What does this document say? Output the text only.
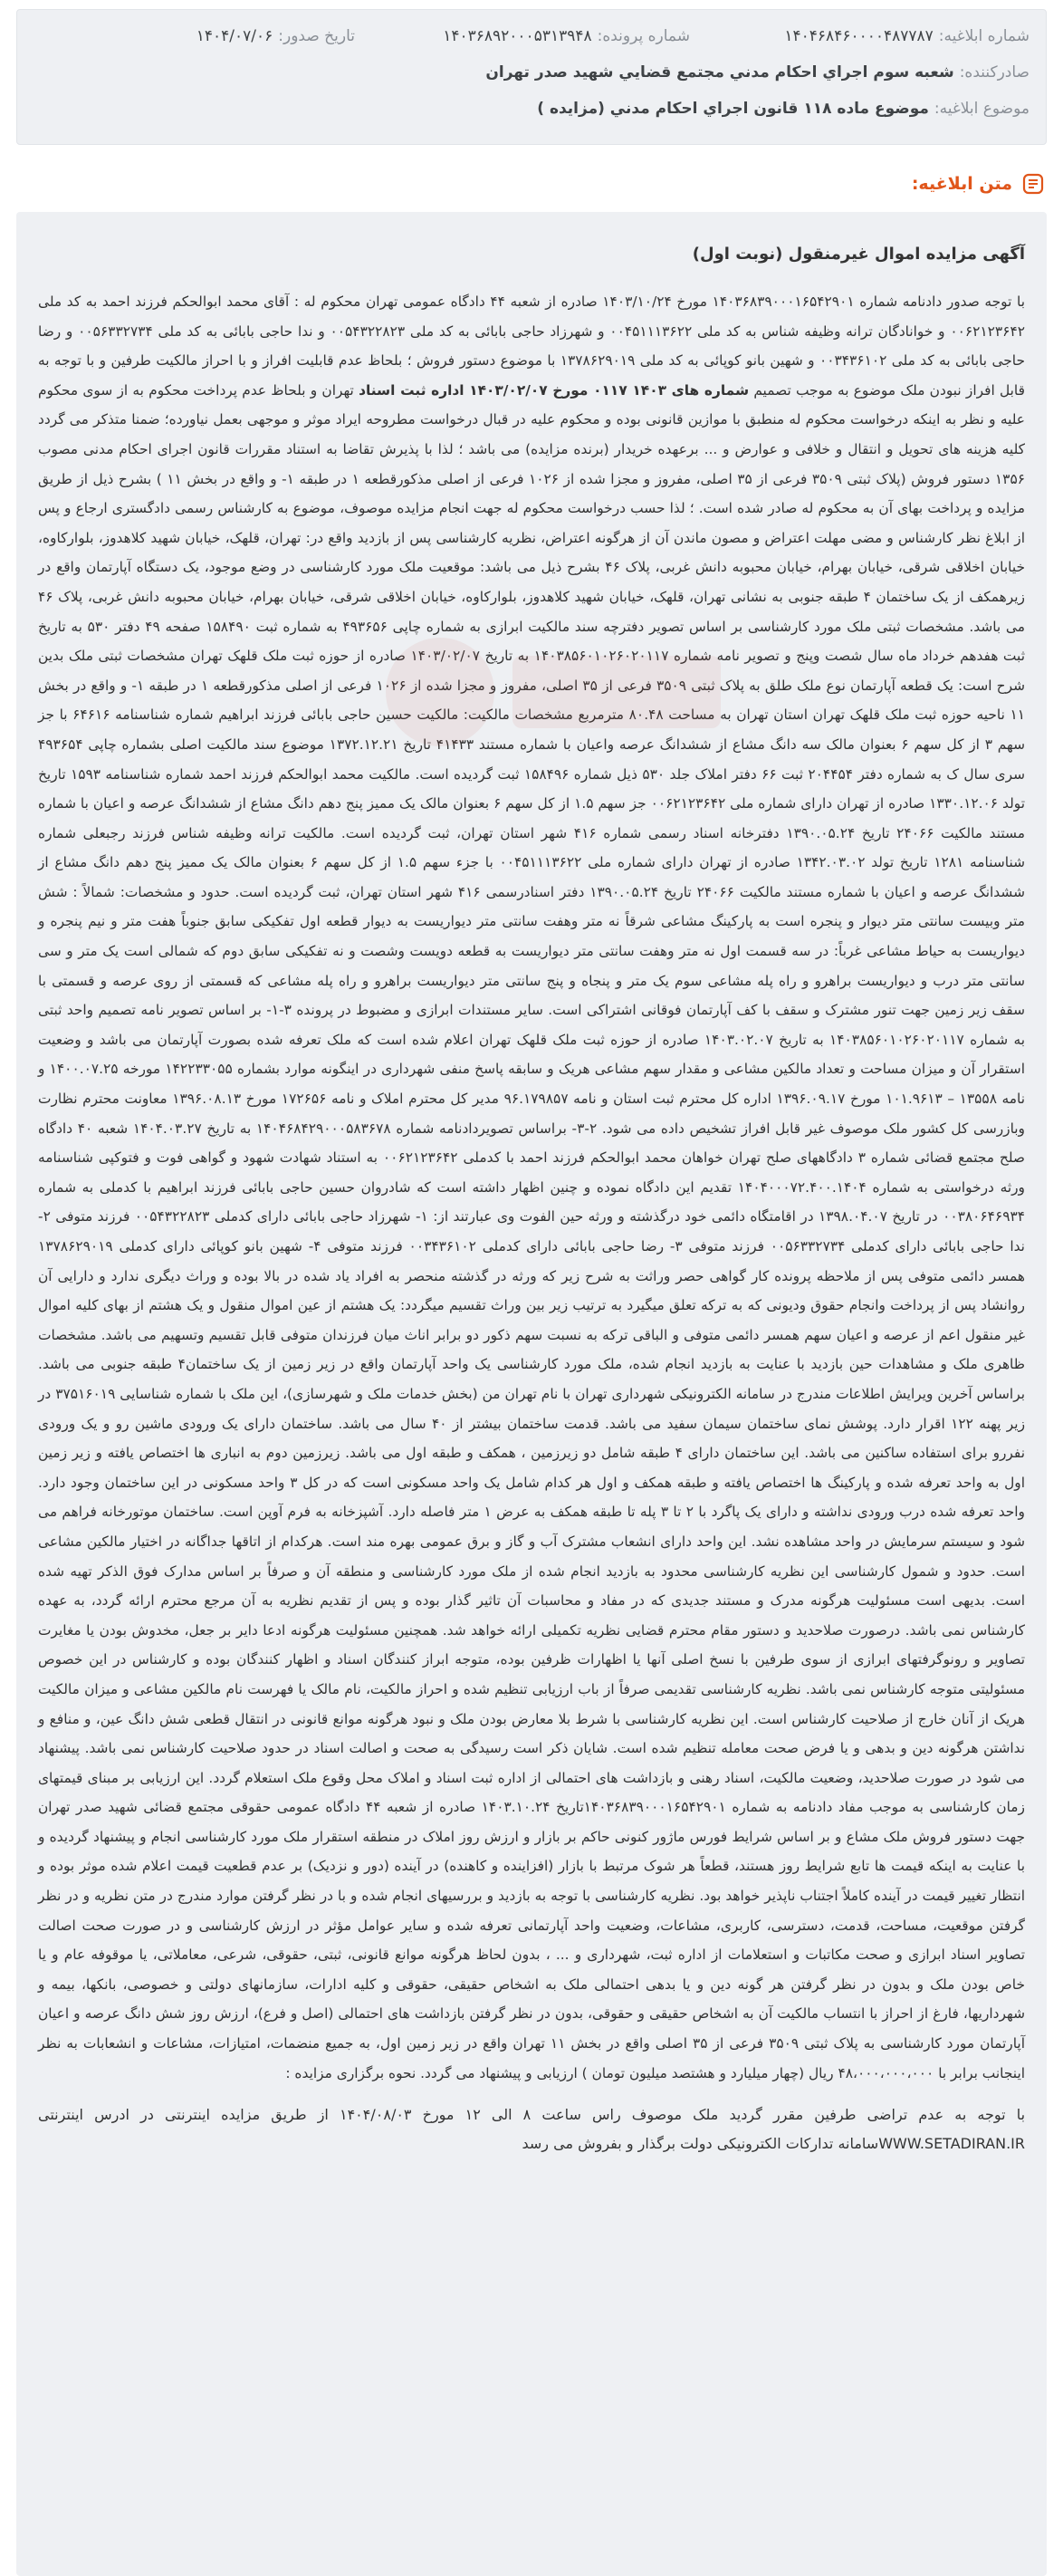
شماره ابلاغیه:
۱۴۰۴۶۸۴۶۰۰۰۰۴۸۷۷۸۷
شماره پرونده:
۱۴۰۳۶۸۹۲۰۰۰۵۳۱۳۹۴۸
تاریخ صدور:
۱۴۰۴/۰۷/۰۶
صادرکننده:
شعبه سوم اجراي احكام مدني مجتمع قضايي شهيد صدر تهران
موضوع ابلاغیه:
موضوع ماده ۱۱۸ قانون اجراي احكام مدني (مزايده )
متن ابلاغیه:
آگهی مزایده اموال غیرمنقول (نوبت اول)

با توجه صدور دادنامه شماره ۱۴۰۳۶۸۳۹۰۰۰۱۶۵۴۲۹۰۱ مورخ ۱۴۰۳/۱۰/۲۴ صادره از شعبه ۴۴ دادگاه عمومی تهران محکوم له : آقای محمد ابوالحکم فرزند احمد به کد ملی ۰۰۶۲۱۲۳۶۴۲ و خوانادگان ترانه وظیفه شناس به کد ملی ۰۰۴۵۱۱۱۳۶۲۲ و شهرزاد حاجی بابائی به کد ملی ۰۰۵۴۳۲۲۸۲۳ و ندا حاجی بابائی به کد ملی ۰۰۵۶۳۳۲۷۳۴ و رضا حاجی بابائی به کد ملی ۰۰۳۴۳۶۱۰۲ و شهین بانو کوپائی به کد ملی ۱۳۷۸۶۲۹۰۱۹ با موضوع دستور فروش ؛ بلحاظ عدم قابلیت افراز و با احراز مالکیت طرفین و با توجه به قابل افراز نبودن ملک موضوع به موجب تصمیم شماره های ۱۴۰۳ ۰۱۱۷ مورخ ۱۴۰۳/۰۲/۰۷ اداره ثبت اسناد تهران و بلحاظ عدم پرداخت محکوم به از سوی محکوم علیه و نظر به اینکه درخواست محکوم له منطبق با موازین قانونی بوده و محکوم علیه در قبال درخواست مطروحه ایراد موثر و موجهی بعمل نیاورده؛ ضمنا متذکر می گردد کلیه هزینه های تحویل و انتقال و خلافی و عوارض و ... برعهده خریدار (برنده مزایده) می باشد ؛ لذا با پذیرش تقاضا به استناد مقررات قانون اجرای احکام مدنی مصوب ۱۳۵۶ دستور فروش (پلاک ثبتی ۳۵۰۹ فرعی از ۳۵ اصلی، مفروز و مجزا شده از ۱۰۲۶ فرعی از اصلی مذکورقطعه ۱ در طبقه ۱- و واقع در بخش ۱۱ ) بشرح ذیل از طریق مزایده و پرداخت بهای آن به محکوم له صادر شده است. ؛ لذا حسب درخواست محکوم له جهت انجام مزایده موصوف، موضوع به کارشناس رسمی دادگستری ارجاع و پس از ابلاغ نظر کارشناس و مضی مهلت اعتراض و مصون ماندن آن از هرگونه اعتراض، نظریه کارشناسی پس از بازدید واقع در: تهران، قلهک، خیابان شهید کلاهدوز، بلوارکاوه، خیابان اخلاقی شرقی، خیابان بهرام، خیابان محبوبه دانش غربی، پلاک ۴۶ بشرح ذیل می باشد: موقعیت ملک مورد کارشناسی در وضع موجود، یک دستگاه آپارتمان واقع در زیرهمکف از یک ساختمان ۴ طبقه جنوبی به نشانی تهران، قلهک، خیابان شهید کلاهدوز، بلوارکاوه، خیابان اخلاقی شرقی، خیابان بهرام، خیابان محبوبه دانش غربی، پلاک ۴۶ می باشد. مشخصات ثبتی ملک مورد کارشناسی بر اساس تصویر دفترچه سند مالکیت ابرازی به شماره چاپی ۴۹۳۶۵۶ به شماره ثبت ۱۵۸۴۹۰ صفحه ۴۹ دفتر ۵۳۰ به تاریخ ثبت هفدهم خرداد ماه سال شصت وپنج و تصویر نامه شماره ۱۴۰۳۸۵۶۰۱۰۲۶۰۲۰۱۱۷ به تاریخ ۱۴۰۳/۰۲/۰۷ صادره از حوزه ثبت ملک قلهک تهران مشخصات ثبتی ملک بدین شرح است: یک قطعه آپارتمان نوع ملک طلق به پلاک ثبتی ۳۵۰۹ فرعی از ۳۵ اصلی، مفروز و مجزا شده از ۱۰۲۶ فرعی از اصلی مذکورقطعه ۱ در طبقه ۱- و واقع در بخش ۱۱ ناحیه حوزه ثبت ملک قلهک تهران استان تهران به مساحت ۸۰.۴۸ مترمربع مشخصات مالکیت: مالکیت حسین حاجی بابائی فرزند ابراهیم شماره شناسنامه ۶۴۶۱۶ با جز سهم ۳ از کل سهم ۶ بعنوان مالک سه دانگ مشاع از ششدانگ عرصه واعیان با شماره مستند ۴۱۴۳۳ تاریخ ۱۳۷۲.۱۲.۲۱ موضوع سند مالکیت اصلی بشماره چاپی ۴۹۳۶۵۴ سری سال ک به شماره دفتر ۲۰۴۴۵۴ ثبت ۶۶ دفتر املاک جلد ۵۳۰ ذیل شماره ۱۵۸۴۹۶ ثبت گردیده است. مالکیت محمد ابوالحکم فرزند احمد شماره شناسنامه ۱۵۹۳ تاریخ تولد ۱۳۳۰.۱۲.۰۶ صادره از تهران دارای شماره ملی ۰۰۶۲۱۲۳۶۴۲ جز سهم ۱.۵ از کل سهم ۶ بعنوان مالک یک ممیز پنج دهم دانگ مشاع از ششدانگ عرصه و اعیان با شماره مستند مالکیت ۲۴۰۶۶ تاریخ ۱۳۹۰.۰۵.۲۴ دفترخانه اسناد رسمی شماره ۴۱۶ شهر استان تهران، ثبت گردیده است. مالکیت ترانه وظیفه شناس فرزند رجبعلی شماره شناسنامه ۱۲۸۱ تاریخ تولد ۱۳۴۲.۰۳.۰۲ صادره از تهران دارای شماره ملی ۰۰۴۵۱۱۱۳۶۲۲ با جزء سهم ۱.۵ از کل سهم ۶ بعنوان مالک یک ممیز پنج دهم دانگ مشاع از ششدانگ عرصه و اعیان با شماره مستند مالکیت ۲۴۰۶۶ تاریخ ۱۳۹۰.۰۵.۲۴ دفتر اسنادرسمی ۴۱۶ شهر استان تهران، ثبت گردیده است. حدود و مشخصات: شمالاً : شش متر وبیست سانتی متر دیوار و پنجره است به پارکینگ مشاعی شرقاً نه متر وهفت سانتی متر دیواریست به دیوار قطعه اول تفکیکی سابق جنوباً هفت متر و نیم پنجره و دیواریست به حیاط مشاعی غرباً: در سه قسمت اول نه متر وهفت سانتی متر دیواریست به قطعه دویست وشصت و نه تفکیکی سابق دوم که شمالی است یک متر و سی سانتی متر درب و دیواریست براهرو و راه پله مشاعی سوم یک متر و پنجاه و پنج سانتی متر دیواریست براهرو و راه پله مشاعی که قسمتی از روی عرصه و قسمتی با سقف زیر زمین جهت تنور مشترک و سقف با کف آپارتمان فوقانی اشتراکی است. سایر مستندات ابرازی و مضبوط در پرونده ۳-۱- بر اساس تصویر نامه تصمیم واحد ثبتی به شماره ۱۴۰۳۸۵۶۰۱۰۲۶۰۲۰۱۱۷ به تاریخ ۱۴۰۳.۰۲.۰۷ صادره از حوزه ثبت ملک قلهک تهران اعلام شده است که ملک تعرفه شده بصورت آپارتمان می باشد و وضعیت استقرار آن و میزان مساحت و تعداد مالکین مشاعی و مقدار سهم مشاعی هریک و سابقه پاسخ منفی شهرداری در اینگونه موارد بشماره ۱۴۲۲۳۳۰۵۵ مورخه ۱۴۰۰.۰۷.۲۵ و نامه ۱۳۵۵۸ – ۱۰۱.۹۶۱۳ مورخ ۱۳۹۶.۰۹.۱۷ اداره کل محترم ثبت استان و نامه ۹۶.۱۷۹۸۵۷ مدیر کل محترم املاک و نامه ۱۷۲۶۵۶ مورخ ۱۳۹۶.۰۸.۱۳ معاونت محترم نظارت وبازرسی کل کشور ملک موصوف غیر قابل افراز تشخیص داده می شود. ۲-۳- براساس تصویردادنامه شماره ۱۴۰۴۶۸۴۲۹۰۰۰۵۸۳۶۷۸ به تاریخ ۱۴۰۴.۰۳.۲۷ شعبه ۴۰ دادگاه صلح مجتمع قضائی شماره ۳ دادگاههای صلح تهران خواهان محمد ابوالحکم فرزند احمد با کدملی ۰۰۶۲۱۲۳۶۴۲ به استناد شهادت شهود و گواهی فوت و فتوکپی شناسنامه ورثه درخواستی به شماره ۱۴۰۴۰۰۰۷۲.۴۰۰.۱۴۰۴ تقدیم این دادگاه نموده و چنین اظهار داشته است که شادروان حسین حاجی بابائی فرزند ابراهیم با کدملی به شماره ۰۰۳۸۰۶۴۶۹۳۴ در تاریخ ۱۳۹۸.۰۴.۰۷ در اقامتگاه دائمی خود درگذشته و ورثه حین الفوت وی عبارتند از: ۱- شهرزاد حاجی بابائی دارای کدملی ۰۰۵۴۳۲۲۸۲۳ فرزند متوفی ۲- ندا حاجی بابائی دارای کدملی ۰۰۵۶۳۳۲۷۳۴ فرزند متوفی ۳- رضا حاجی بابائی دارای کدملی ۰۰۳۴۳۶۱۰۲ فرزند متوفی ۴- شهین بانو کوپائی دارای کدملی ۱۳۷۸۶۲۹۰۱۹ همسر دائمی متوفی پس از ملاحظه پرونده کار گواهی حصر وراثت به شرح زیر که ورثه در گذشته منحصر به افراد یاد شده در بالا بوده و وراث دیگری ندارد و دارایی آن روانشاد پس از پرداخت وانجام حقوق ودیونی که به ترکه تعلق میگیرد به ترتیب زیر بین وراث تقسیم میگردد: یک هشتم از عین اموال منقول و یک هشتم از بهای کلیه اموال غیر منقول اعم از عرصه و اعیان سهم همسر دائمی متوفی و الباقی ترکه به نسبت سهم ذکور دو برابر اناث میان فرزندان متوفی قابل تقسیم وتسهیم می باشد. مشخصات ظاهری ملک و مشاهدات حین بازدید با عنایت به بازدید انجام شده، ملک مورد کارشناسی یک واحد آپارتمان واقع در زیر زمین از یک ساختمان۴ طبقه جنوبی می باشد. براساس آخرین ویرایش اطلاعات مندرج در سامانه الکترونیکی شهرداری تهران با نام تهران من (بخش خدمات ملک و شهرسازی)، این ملک با شماره شناسایی ۳۷۵۱۶۰۱۹ در زیر پهنه ۱۲۲ اقرار دارد. پوشش نمای ساختمان سیمان سفید می باشد. قدمت ساختمان بیشتر از ۴۰ سال می باشد. ساختمان دارای یک ورودی ماشین رو و یک ورودی نفررو برای استفاده ساکنین می باشد. این ساختمان دارای ۴ طبقه شامل دو زیرزمین ، همکف و طبقه اول می باشد. زیرزمین دوم به انباری ها اختصاص یافته و زیر زمین اول به واحد تعرفه شده و پارکینگ ها اختصاص یافته و طبقه همکف و اول هر کدام شامل یک واحد مسکونی است که در کل ۳ واحد مسکونی در این ساختمان وجود دارد. واحد تعرفه شده درب ورودی نداشته و دارای یک پاگرد با ۲ تا ۳ پله تا طبقه همکف به عرض ۱ متر فاصله دارد. آشپزخانه به فرم آوپن است. ساختمان موتورخانه فراهم می شود و سیستم سرمایش در واحد مشاهده نشد. این واحد دارای انشعاب مشترک آب و گاز و برق عمومی بهره مند است. هرکدام از اتاقها جداگانه در اختیار مالکین مشاعی است. حدود و شمول کارشناسی این نظریه کارشناسی محدود به بازدید انجام شده از ملک مورد کارشناسی و منطقه آن و صرفاً بر اساس مدارک فوق الذکر تهیه شده است. بدیهی است مسئولیت هرگونه مدرک و مستند جدیدی که در مفاد و محاسبات آن تاثیر گذار بوده و پس از تقدیم نظریه به آن مرجع محترم ارائه گردد، به عهده کارشناس نمی باشد. درصورت صلاحدید و دستور مقام محترم قضایی نظریه تکمیلی ارائه خواهد شد. همچنین مسئولیت هرگونه ادعا دایر بر جعل، مخدوش بودن یا مغایرت تصاویر و رونوگرفتهای ابرازی از سوی طرفین با نسخ اصلی آنها یا اظهارات ظرفین بوده، متوجه ابراز کنندگان اسناد و اظهار کنندگان بوده و کارشناس در این خصوص مسئولیتی متوجه کارشناس نمی باشد. نظریه کارشناسی تقدیمی صرفاً از باب ارزیابی تنظیم شده و احراز مالکیت، نام مالک یا فهرست نام مالکین مشاعی و میزان مالکیت هریک از آنان خارج از صلاحیت کارشناس است. این نظریه کارشناسی با شرط بلا معارض بودن ملک و نبود هرگونه موانع قانونی در انتقال قطعی شش دانگ عین، و منافع و نداشتن هرگونه دین و بدهی و یا فرض صحت معامله تنظیم شده است. شایان ذکر است رسیدگی به صحت و اصالت اسناد در حدود صلاحیت کارشناس نمی باشد. پیشنهاد می شود در صورت صلاحدید، وضعیت مالکیت، اسناد رهنی و بازداشت های احتمالی از اداره ثبت اسناد و املاک محل وقوع ملک استعلام گردد. این ارزیابی بر مبنای قیمتهای زمان کارشناسی به موجب مفاد دادنامه به شماره ۱۴۰۳۶۸۳۹۰۰۰۱۶۵۴۲۹۰۱تاریخ ۱۴۰۳.۱۰.۲۴ صادره از شعبه ۴۴ دادگاه عمومی حقوقی مجتمع قضائی شهید صدر تهران جهت دستور فروش ملک مشاع و بر اساس شرایط فورس ماژور کنونی حاکم بر بازار و ارزش روز املاک در منطقه استقرار ملک مورد کارشناسی انجام و پیشنهاد گردیده و با عنایت به اینکه قیمت ها تابع شرایط روز هستند، قطعاً هر شوک مرتبط با بازار (افزاینده و کاهنده) در آینده (دور و نزدیک) بر عدم قطعیت قیمت اعلام شده موثر بوده و انتظار تغییر قیمت در آینده کاملاً اجتناب ناپذیر خواهد بود. نظریه کارشناسی با توجه به بازدید و بررسیهای انجام شده و با در نظر گرفتن موارد مندرج در متن نظریه و در نظر گرفتن موقعیت، مساحت، قدمت، دسترسی، کاربری، مشاعات، وضعیت واحد آپارتمانی تعرفه شده و سایر عوامل مؤثر در ارزش کارشناسی و در صورت صحت اصالت تصاویر اسناد ابرازی و صحت مکاتبات و استعلامات از اداره ثبت، شهرداری و ... ، بدون لحاظ هرگونه موانع قانونی، ثبتی، حقوقی، شرعی، معاملاتی، یا موقوفه عام و یا خاص بودن ملک و بدون در نظر گرفتن هر گونه دین و یا بدهی احتمالی ملک به اشخاص حقیقی، حقوقی و کلیه ادارات، سازمانهای دولتی و خصوصی، بانکها، بیمه و شهرداریها، فارغ از احراز با انتساب مالکیت آن به اشخاص حقیقی و حقوقی، بدون در نظر گرفتن بازداشت های احتمالی (اصل و فرع)، ارزش روز شش دانگ عرصه و اعیان آپارتمان مورد کارشناسی به پلاک ثبتی ۳۵۰۹ فرعی از ۳۵ اصلی واقع در بخش ۱۱ تهران واقع در زیر زمین اول، به جمیع منضمات، امتیازات، مشاعات و انشعابات به نظر اینجانب برابر با ۴۸،۰۰۰،۰۰۰،۰۰۰ ریال (چهار میلیارد و هشتصد میلیون تومان ) ارزیابی و پیشنهاد می گردد. نحوه برگزاری مزایده :

با توجه به عدم تراضی طرفین مقرر گردید ملک موصوف راس ساعت ۸ الی ۱۲ مورخ ۱۴۰۴/۰۸/۰۳ از طریق مزایده اینترنتی در ادرس اینترنتی WWW.SETADIRAN.IRسامانه تدارکات الکترونیکی دولت برگذار و بفروش می رسد
